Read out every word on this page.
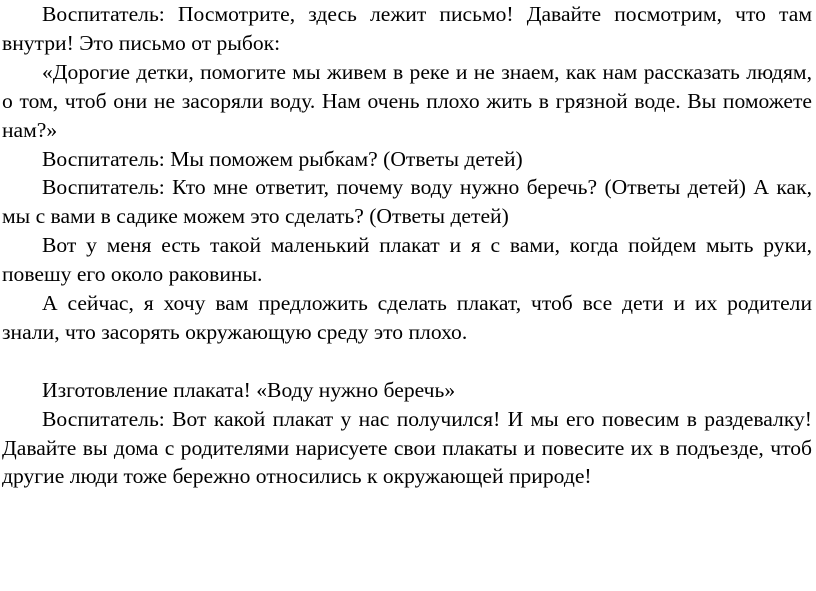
Воспитатель: Посмотрите, здесь лежит письмо! Давайте посмотрим, что там внутри! Это письмо от рыбок:

«Дорогие детки, помогите мы живем в реке и не знаем, как нам рассказать людям, о том, чтоб они не засоряли воду. Нам очень плохо жить в грязной воде. Вы поможете нам?»

Воспитатель: Мы поможем рыбкам? (Ответы детей)

Воспитатель: Кто мне ответит, почему воду нужно беречь? (Ответы детей) А как, мы с вами в садике можем это сделать? (Ответы детей)

Вот у меня есть такой маленький плакат и я с вами, когда пойдем мыть руки, повешу его около раковины.

А сейчас, я хочу вам предложить сделать плакат, чтоб все дети и их родители знали, что засорять окружающую среду это плохо.

Изготовление плаката! «Воду нужно беречь»

Воспитатель: Вот какой плакат у нас получился! И мы его повесим в раздевалку! Давайте вы дома с родителями нарисуете свои плакаты и повесите их в подъезде, чтоб другие люди тоже бережно относились к окружающей природе!
